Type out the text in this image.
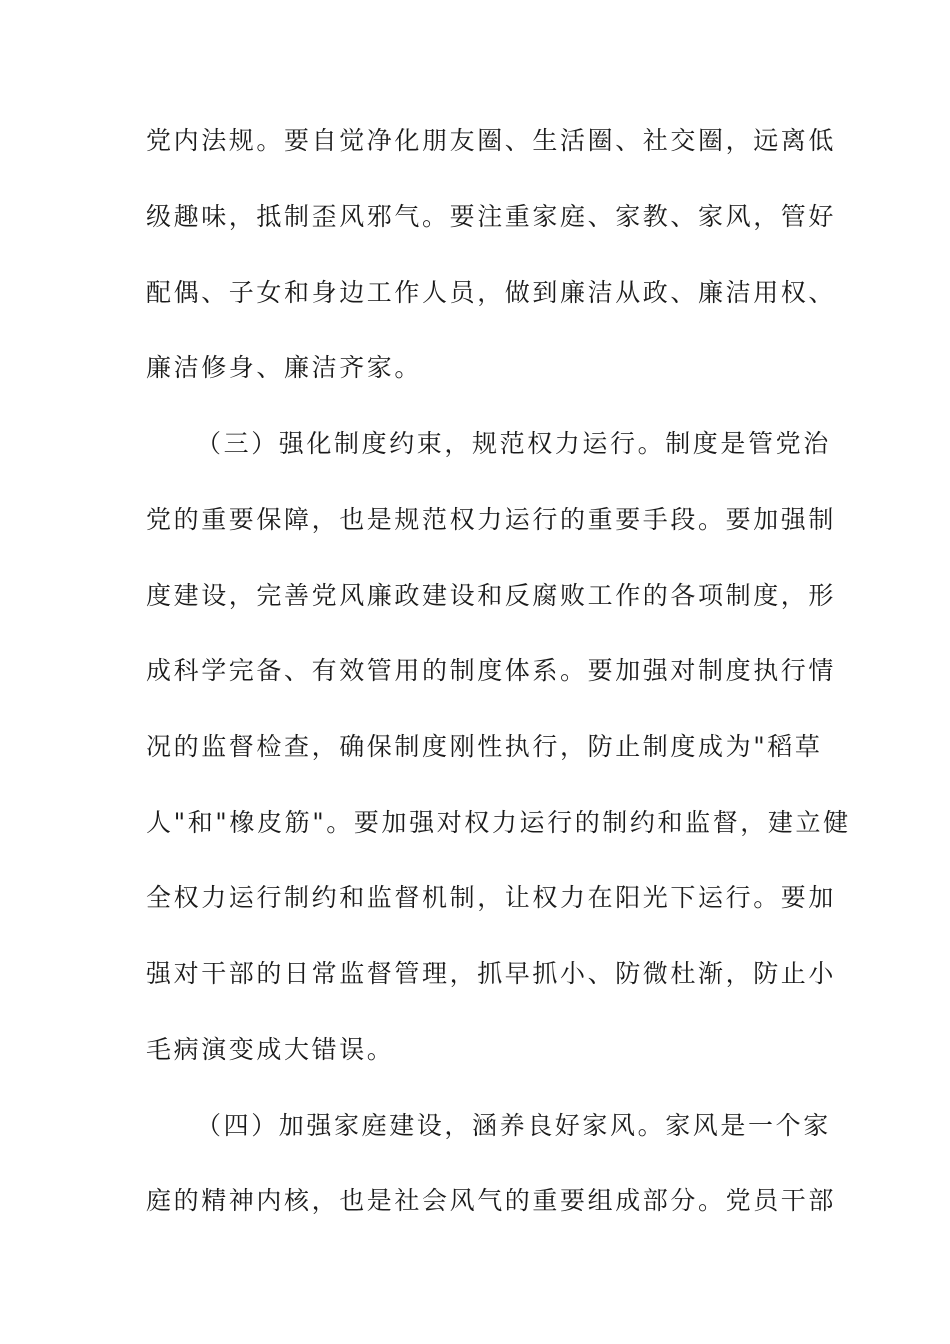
党内法规。要自觉净化朋友圈、生活圈、社交圈，远离低

级趣味，抵制歪风邪气。要注重家庭、家教、家风，管好

配偶、子女和身边工作人员，做到廉洁从政、廉洁用权、

廉洁修身、廉洁齐家。

（三）强化制度约束，规范权力运行。制度是管党治

党的重要保障，也是规范权力运行的重要手段。要加强制

度建设，完善党风廉政建设和反腐败工作的各项制度，形

成科学完备、有效管用的制度体系。要加强对制度执行情

况的监督检查，确保制度刚性执行，防止制度成为"稻草

人"和"橡皮筋"。要加强对权力运行的制约和监督，建立健

全权力运行制约和监督机制，让权力在阳光下运行。要加

强对干部的日常监督管理，抓早抓小、防微杜渐，防止小

毛病演变成大错误。

（四）加强家庭建设，涵养良好家风。家风是一个家

庭的精神内核，也是社会风气的重要组成部分。党员干部
